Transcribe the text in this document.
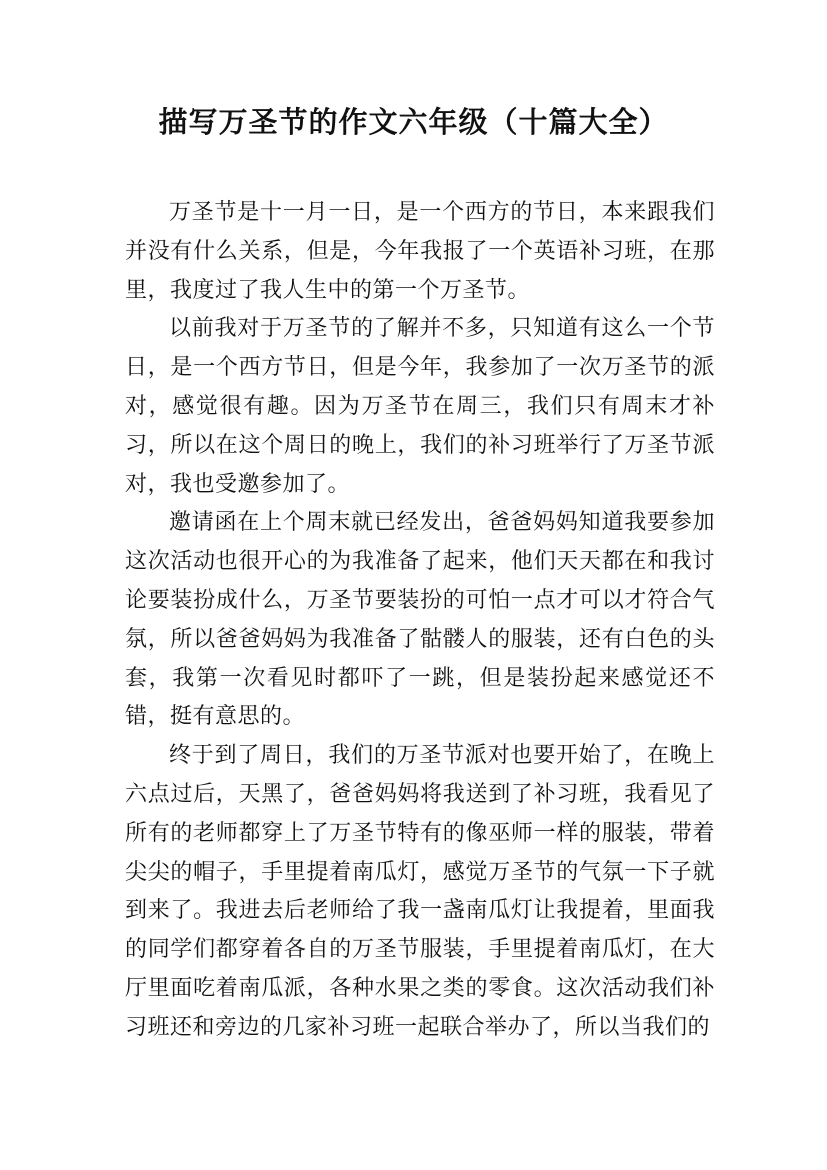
描写万圣节的作文六年级（十篇大全）

万圣节是十一月一日，是一个西方的节日，本来跟我们并没有什么关系，但是，今年我报了一个英语补习班，在那里，我度过了我人生中的第一个万圣节。

以前我对于万圣节的了解并不多，只知道有这么一个节日，是一个西方节日，但是今年，我参加了一次万圣节的派对，感觉很有趣。因为万圣节在周三，我们只有周末才补习，所以在这个周日的晚上，我们的补习班举行了万圣节派对，我也受邀参加了。

邀请函在上个周末就已经发出，爸爸妈妈知道我要参加这次活动也很开心的为我准备了起来，他们天天都在和我讨论要装扮成什么，万圣节要装扮的可怕一点才可以才符合气氛，所以爸爸妈妈为我准备了骷髅人的服装，还有白色的头套，我第一次看见时都吓了一跳，但是装扮起来感觉还不错，挺有意思的。

终于到了周日，我们的万圣节派对也要开始了，在晚上六点过后，天黑了，爸爸妈妈将我送到了补习班，我看见了所有的老师都穿上了万圣节特有的像巫师一样的服装，带着尖尖的帽子，手里提着南瓜灯，感觉万圣节的气氛一下子就到来了。我进去后老师给了我一盏南瓜灯让我提着，里面我的同学们都穿着各自的万圣节服装，手里提着南瓜灯，在大厅里面吃着南瓜派，各种水果之类的零食。这次活动我们补习班还和旁边的几家补习班一起联合举办了，所以当我们的
